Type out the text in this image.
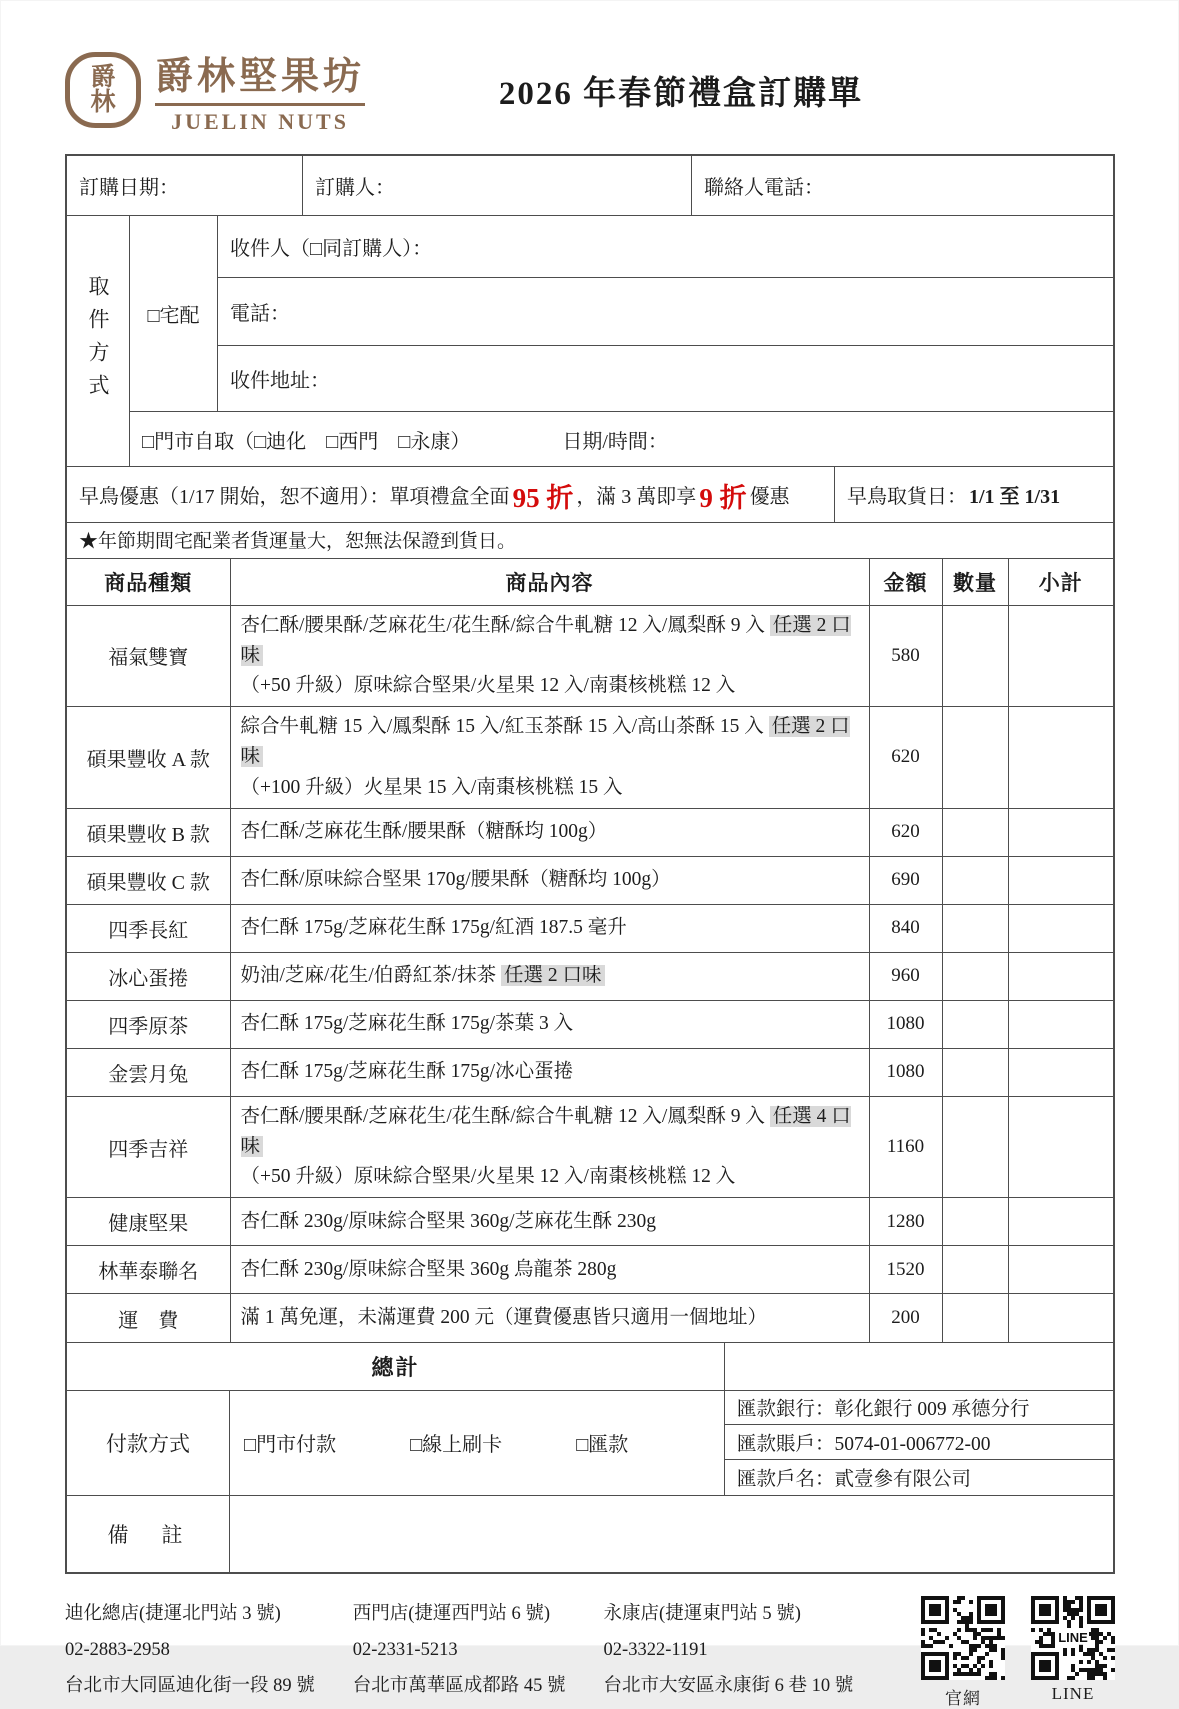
爵
林
爵林堅果坊
JUELIN NUTS
2026 年春節禮盒訂購單
訂購日期：	訂購人：	聯絡人電話：
取件方式	□宅配
收件人（□同訂購人）：
電話：
收件地址：
□門市自取（□迪化　□西門　□永康）	日期/時間：
早鳥優惠（1/17 開始，恕不適用）：單項禮盒全面 95 折 ，滿 3 萬即享 9 折 優惠	早鳥取貨日： 1/1 至 1/31
★年節期間宅配業者貨運量大，恕無法保證到貨日。
商品種類	商品內容	金額	數量	小計
福氣雙寶	杏仁酥/腰果酥/芝麻花生/花生酥/綜合牛軋糖 12 入/鳳梨酥 9 入 任選 2 口味
（+50 升級）原味綜合堅果/火星果 12 入/南棗核桃糕 12 入	580		
碩果豐收 A 款	綜合牛軋糖 15 入/鳳梨酥 15 入/紅玉茶酥 15 入/高山茶酥 15 入 任選 2 口味
（+100 升級）火星果 15 入/南棗核桃糕 15 入	620		
碩果豐收 B 款	杏仁酥/芝麻花生酥/腰果酥（糖酥均 100g）	620		
碩果豐收 C 款	杏仁酥/原味綜合堅果 170g/腰果酥（糖酥均 100g）	690		
四季長紅	杏仁酥 175g/芝麻花生酥 175g/紅酒 187.5 毫升	840		
冰心蛋捲	奶油/芝麻/花生/伯爵紅茶/抹茶 任選 2 口味	960		
四季原茶	杏仁酥 175g/芝麻花生酥 175g/茶葉 3 入	1080		
金雲月兔	杏仁酥 175g/芝麻花生酥 175g/冰心蛋捲	1080		
四季吉祥	杏仁酥/腰果酥/芝麻花生/花生酥/綜合牛軋糖 12 入/鳳梨酥 9 入 任選 4 口味
（+50 升級）原味綜合堅果/火星果 12 入/南棗核桃糕 12 入	1160		
健康堅果	杏仁酥 230g/原味綜合堅果 360g/芝麻花生酥 230g	1280		
林華泰聯名	杏仁酥 230g/原味綜合堅果 360g 烏龍茶 280g	1520		
運　費	滿 1 萬免運，未滿運費 200 元（運費優惠皆只適用一個地址）	200		
總計
付款方式	□門市付款	□線上刷卡	□匯款
匯款銀行：彰化銀行 009 承德分行
匯款賬戶：5074-01-006772-00
匯款戶名：貳壹參有限公司
備　註
迪化總店(捷運北門站 3 號)
02-2883-2958
台北市大同區迪化街一段 89 號
西門店(捷運西門站 6 號)
02-2331-5213
台北市萬華區成都路 45 號
永康店(捷運東門站 5 號)
02-3322-1191
台北市大安區永康街 6 巷 10 號
官網
LINE
LINE
